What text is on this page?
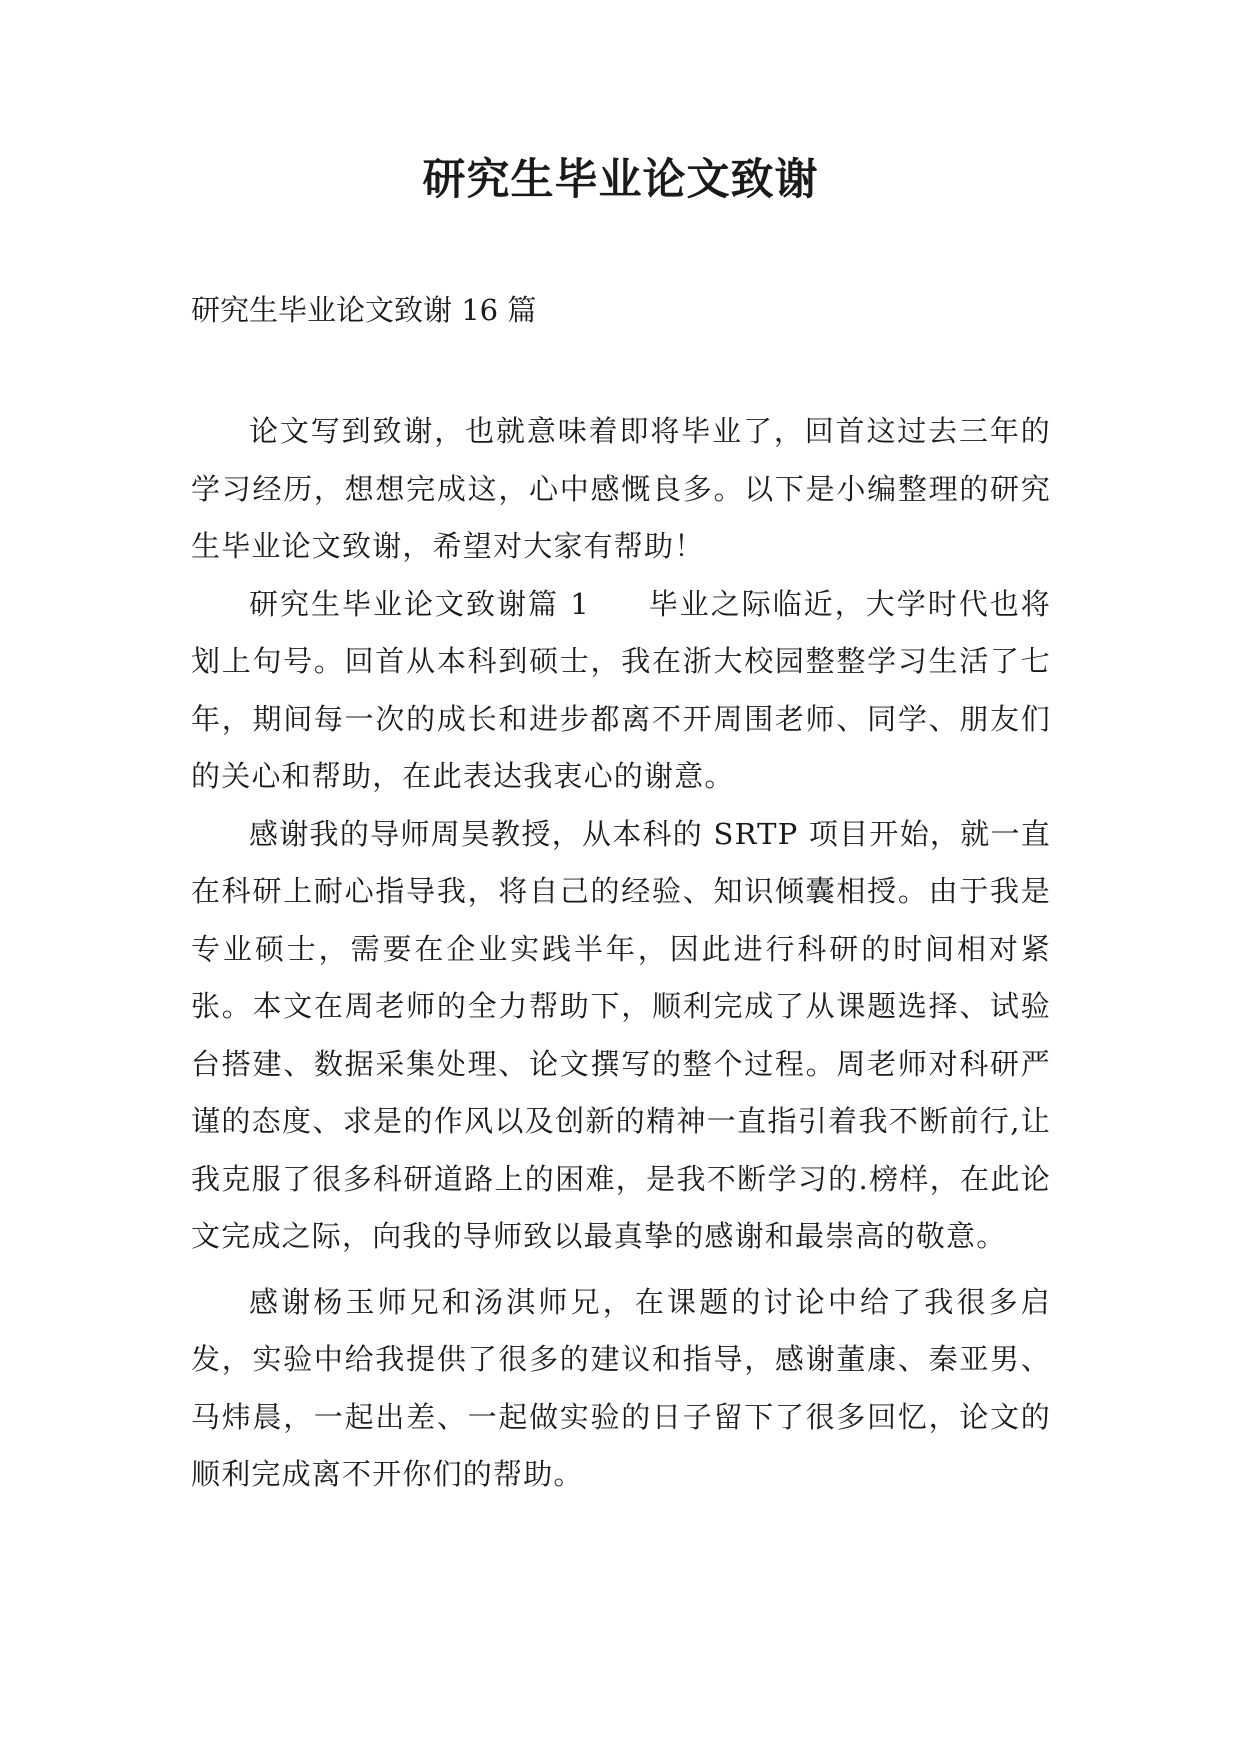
研究生毕业论文致谢
研究生毕业论文致谢 16 篇

论文写到致谢，也就意味着即将毕业了，回首这过去三年的学习经历，想想完成这，心中感慨良多。以下是小编整理的研究生毕业论文致谢，希望对大家有帮助！

研究生毕业论文致谢篇 1 毕业之际临近，大学时代也将划上句号。回首从本科到硕士，我在浙大校园整整学习生活了七年，期间每一次的成长和进步都离不开周围老师、同学、朋友们的关心和帮助，在此表达我衷心的谢意。

感谢我的导师周昊教授，从本科的 SRTP 项目开始，就一直在科研上耐心指导我，将自己的经验、知识倾囊相授。由于我是专业硕士，需要在企业实践半年，因此进行科研的时间相对紧张。本文在周老师的全力帮助下，顺利完成了从课题选择、试验台搭建、数据采集处理、论文撰写的整个过程。周老师对科研严谨的态度、求是的作风以及创新的精神一直指引着我不断前行,让我克服了很多科研道路上的困难，是我不断学习的.榜样，在此论文完成之际，向我的导师致以最真挚的感谢和最崇高的敬意。

感谢杨玉师兄和汤淇师兄，在课题的讨论中给了我很多启发，实验中给我提供了很多的建议和指导，感谢董康、秦亚男、马炜晨，一起出差、一起做实验的日子留下了很多回忆，论文的顺利完成离不开你们的帮助。
